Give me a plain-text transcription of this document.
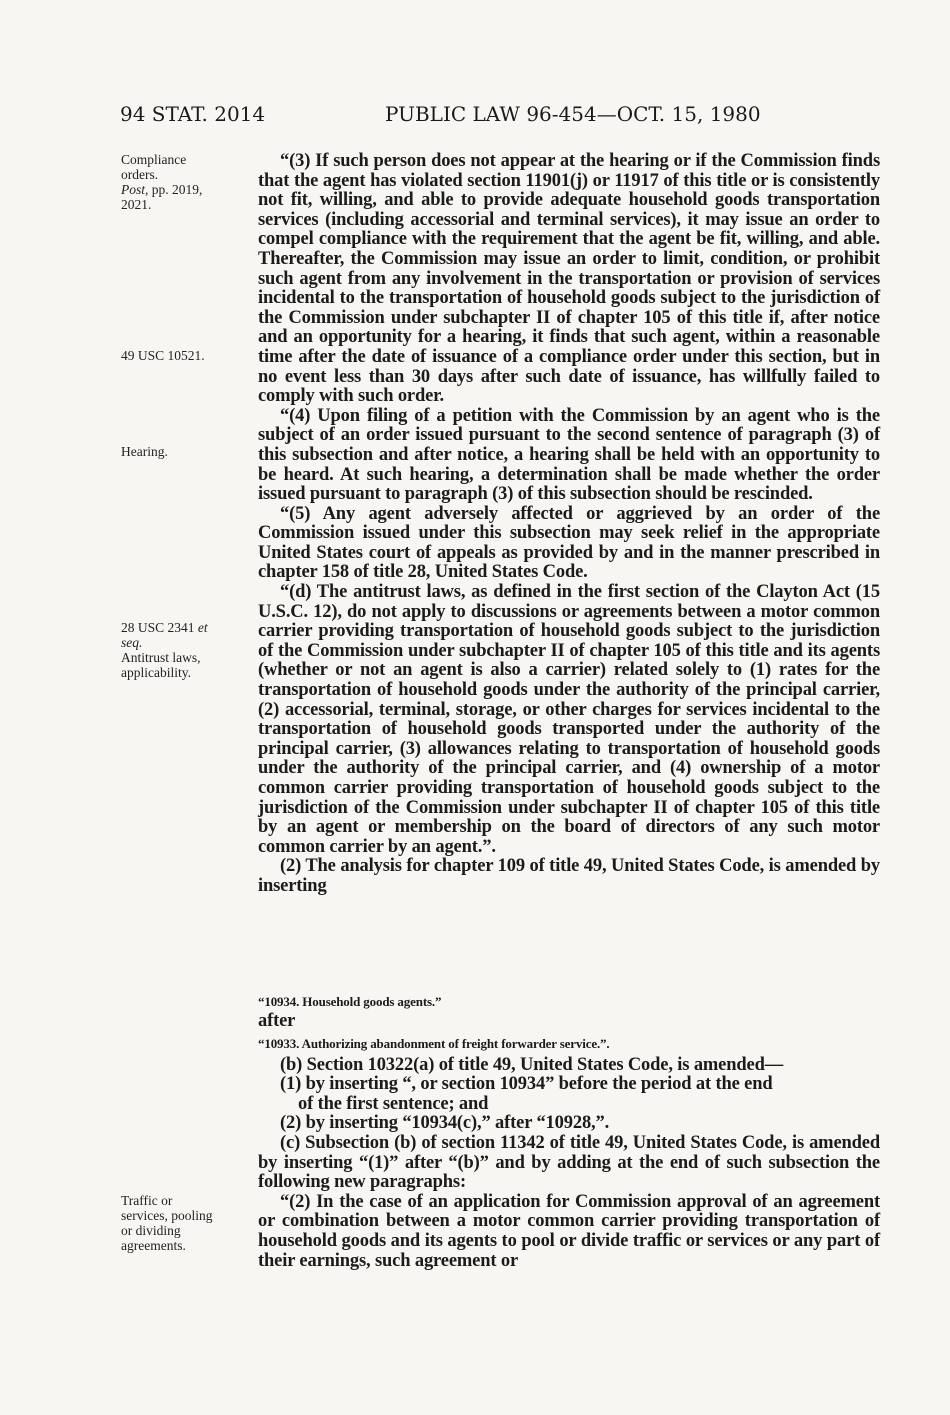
94 STAT. 2014	PUBLIC LAW 96-454—OCT. 15, 1980
Compliance
orders.
Post, pp. 2019,
2021.
49 USC 10521.
Hearing.
28 USC 2341 et
seq.
Antitrust laws,
applicability.
Traffic or
services, pooling
or dividing
agreements.

“(3) If such person does not appear at the hearing or if the Commission finds that the agent has violated section 11901(j) or 11917 of this title or is consistently not fit, willing, and able to provide adequate household goods transportation services (including accessorial and terminal services), it may issue an order to compel compliance with the requirement that the agent be fit, willing, and able. Thereafter, the Commission may issue an order to limit, condition, or prohibit such agent from any involvement in the transportation or provision of services incidental to the transportation of household goods subject to the jurisdiction of the Commission under subchapter II of chapter 105 of this title if, after notice and an opportunity for a hearing, it finds that such agent, within a reasonable time after the date of issuance of a compliance order under this section, but in no event less than 30 days after such date of issuance, has willfully failed to comply with such order.

“(4) Upon filing of a petition with the Commission by an agent who is the subject of an order issued pursuant to the second sentence of paragraph (3) of this subsection and after notice, a hearing shall be held with an opportunity to be heard. At such hearing, a determination shall be made whether the order issued pursuant to paragraph (3) of this subsection should be rescinded.

“(5) Any agent adversely affected or aggrieved by an order of the Commission issued under this subsection may seek relief in the appropriate United States court of appeals as provided by and in the manner prescribed in chapter 158 of title 28, United States Code.

“(d) The antitrust laws, as defined in the first section of the Clayton Act (15 U.S.C. 12), do not apply to discussions or agreements between a motor common carrier providing transportation of household goods subject to the jurisdiction of the Commission under subchapter II of chapter 105 of this title and its agents (whether or not an agent is also a carrier) related solely to (1) rates for the transportation of household goods under the authority of the principal carrier, (2) accessorial, terminal, storage, or other charges for services incidental to the transportation of household goods transported under the authority of the principal carrier, (3) allowances relating to transportation of household goods under the authority of the principal carrier, and (4) ownership of a motor common carrier providing transportation of household goods subject to the jurisdiction of the Commission under subchapter II of chapter 105 of this title by an agent or membership on the board of directors of any such motor common carrier by an agent.”.

(2) The analysis for chapter 109 of title 49, United States Code, is amended by inserting

“10934. Household goods agents.”

after

“10933. Authorizing abandonment of freight forwarder service.”.

(b) Section 10322(a) of title 49, United States Code, is amended—

(1) by inserting “, or section 10934” before the period at the end

of the first sentence; and

(2) by inserting “10934(c),” after “10928,”.

(c) Subsection (b) of section 11342 of title 49, United States Code, is amended by inserting “(1)” after “(b)” and by adding at the end of such subsection the following new paragraphs:

“(2) In the case of an application for Commission approval of an agreement or combination between a motor common carrier providing transportation of household goods and its agents to pool or divide traffic or services or any part of their earnings, such agreement or
